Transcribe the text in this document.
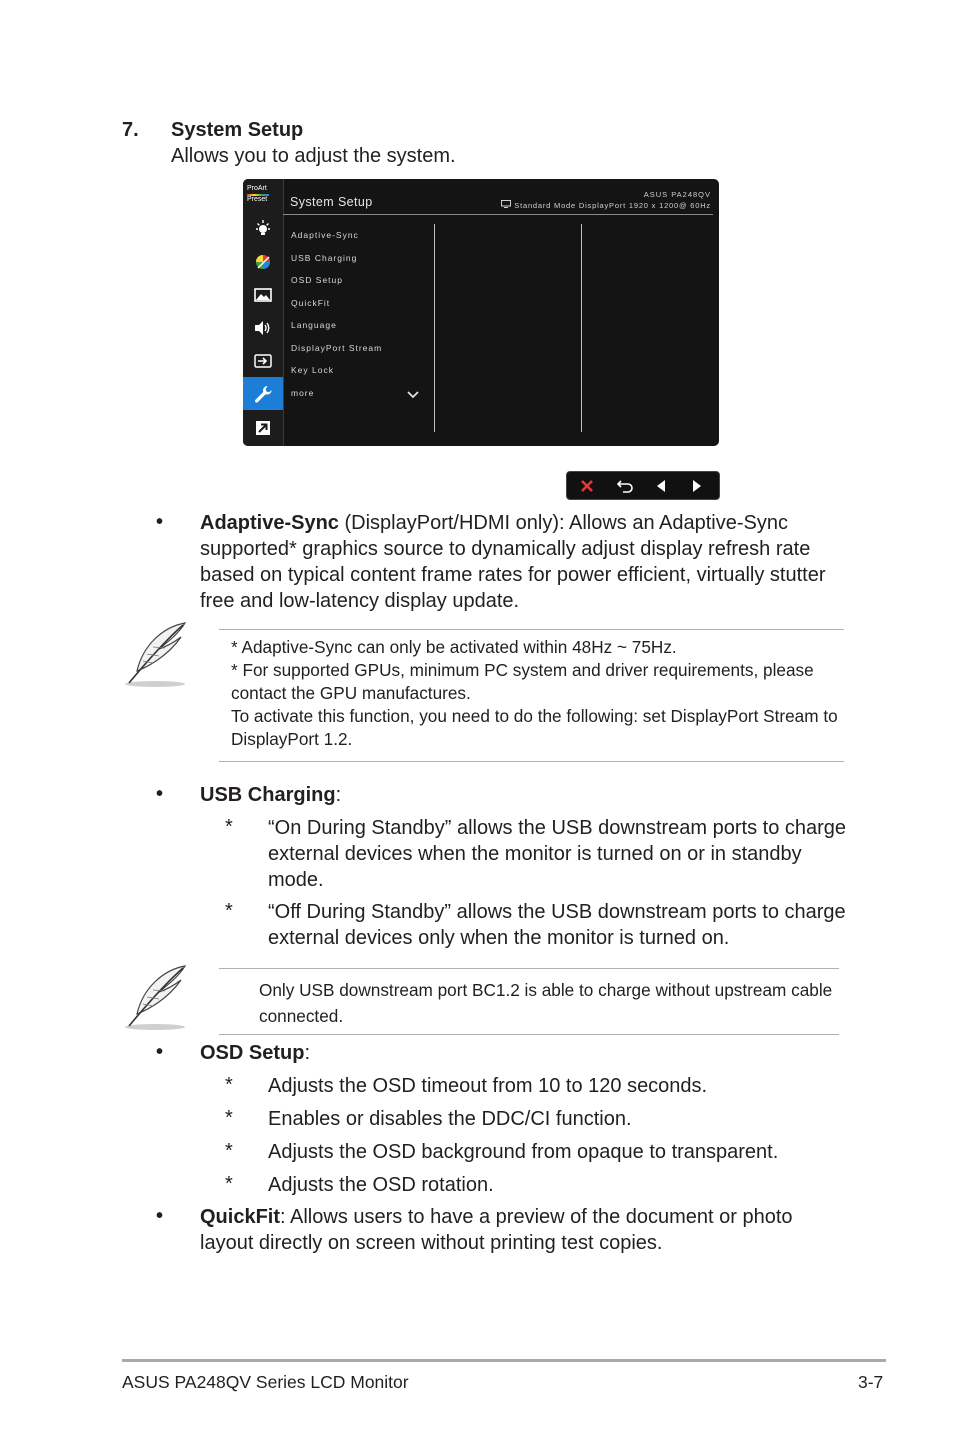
7. System Setup
Allows you to adjust the system.
ProArt
Preset	System Setup
ASUS PA248QV
Standard Mode DisplayPort 1920 x 1200@ 60Hz
Adaptive-Sync
USB Charging
OSD Setup
QuickFit
Language
DisplayPort Stream
Key Lock
more
• Adaptive-Sync (DisplayPort/HDMI only): Allows an Adaptive-Sync supported* graphics source to dynamically adjust display refresh rate based on typical content frame rates for power efficient, virtually stutter free and low-latency display update.
* Adaptive-Sync can only be activated within 48Hz ~ 75Hz.
* For supported GPUs, minimum PC system and driver requirements, please contact the GPU manufactures.
To activate this function, you need to do the following: set DisplayPort Stream to DisplayPort 1.2.
• USB Charging:
* “On During Standby” allows the USB downstream ports to charge external devices when the monitor is turned on or in standby mode.
* “Off During Standby” allows the USB downstream ports to charge external devices only when the monitor is turned on.
Only USB downstream port BC1.2 is able to charge without upstream cable connected.
• OSD Setup:
* Adjusts the OSD timeout from 10 to 120 seconds.
* Enables or disables the DDC/CI function.
* Adjusts the OSD background from opaque to transparent.
* Adjusts the OSD rotation.
• QuickFit: Allows users to have a preview of the document or photo layout directly on screen without printing test copies.
ASUS PA248QV Series LCD Monitor	3-7
